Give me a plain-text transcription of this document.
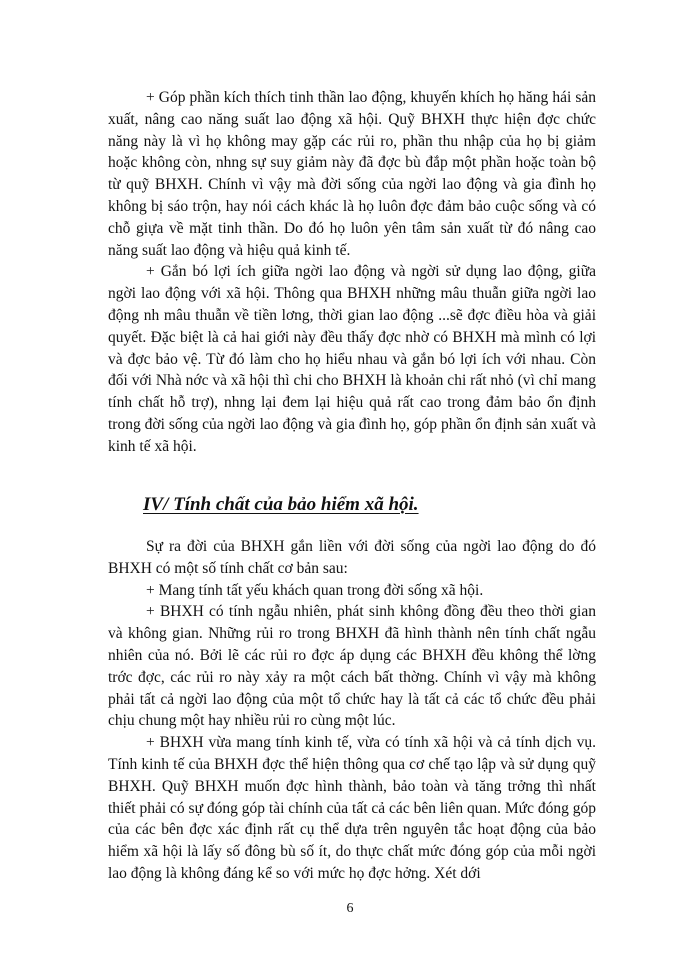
+ Góp phần kích thích tinh thần lao động, khuyến khích họ hăng hái sản xuất, nâng cao năng suất lao động xã hội. Quỹ BHXH thực hiện đợc chức năng này là vì họ không may gặp các rủi ro, phần thu nhập của họ bị giảm hoặc không còn, nhng sự suy giảm này đã đợc bù đắp một phần hoặc toàn bộ từ quỹ BHXH. Chính vì vậy mà đời sống của ngời lao động và gia đình họ không bị sáo trộn, hay nói cách khác là họ luôn đợc đảm bảo cuộc sống và có chỗ giựa về mặt tinh thần. Do đó họ luôn yên tâm sản xuất từ đó nâng cao năng suất lao động và hiệu quả kinh tế.

+ Gắn bó lợi ích giữa ngời lao động và ngời sử dụng lao động, giữa ngời lao động với xã hội. Thông qua BHXH những mâu thuẫn giữa ngời lao động nh mâu thuẫn về tiền lơng, thời gian lao động ...sẽ đợc điều hòa và giải quyết. Đặc biệt là cả hai giới này đều thấy đợc nhờ có BHXH mà mình có lợi và đợc bảo vệ. Từ đó làm cho họ hiểu nhau và gắn bó lợi ích với nhau. Còn đối với Nhà nớc và xã hội thì chi cho BHXH là khoản chi rất nhỏ (vì chỉ mang tính chất hỗ trợ), nhng lại đem lại hiệu quả rất cao trong đảm bảo ổn định trong đời sống của ngời lao động và gia đình họ, góp phần ổn định sản xuất và kinh tế xã hội.

IV/ Tính chất của bảo hiểm xã hội.

Sự ra đời của BHXH gắn liền với đời sống của ngời lao động do đó BHXH có một số tính chất cơ bản sau:

+ Mang tính tất yếu khách quan trong đời sống xã hội.

+ BHXH có tính ngẫu nhiên, phát sinh không đồng đều theo thời gian và không gian. Những rủi ro trong BHXH đã hình thành nên tính chất ngẫu nhiên của nó. Bởi lẽ các rủi ro đợc áp dụng các BHXH đều không thể lờng trớc đợc, các rủi ro này xảy ra một cách bất thờng. Chính vì vậy mà không phải tất cả ngời lao động của một tổ chức hay là tất cả các tổ chức đều phải chịu chung một hay nhiều rủi ro cùng một lúc.

+ BHXH vừa mang tính kinh tế, vừa có tính xã hội và cả tính dịch vụ. Tính kinh tế của BHXH đợc thể hiện thông qua cơ chế tạo lập và sử dụng quỹ BHXH. Quỹ BHXH muốn đợc hình thành, bảo toàn và tăng trởng thì nhất thiết phải có sự đóng góp tài chính của tất cả các bên liên quan. Mức đóng góp của các bên đợc xác định rất cụ thể dựa trên nguyên tắc hoạt động của bảo hiểm xã hội là lấy số đông bù số ít, do thực chất mức đóng góp của mỗi ngời lao động là không đáng kể so với mức họ đợc hởng. Xét dới

6
